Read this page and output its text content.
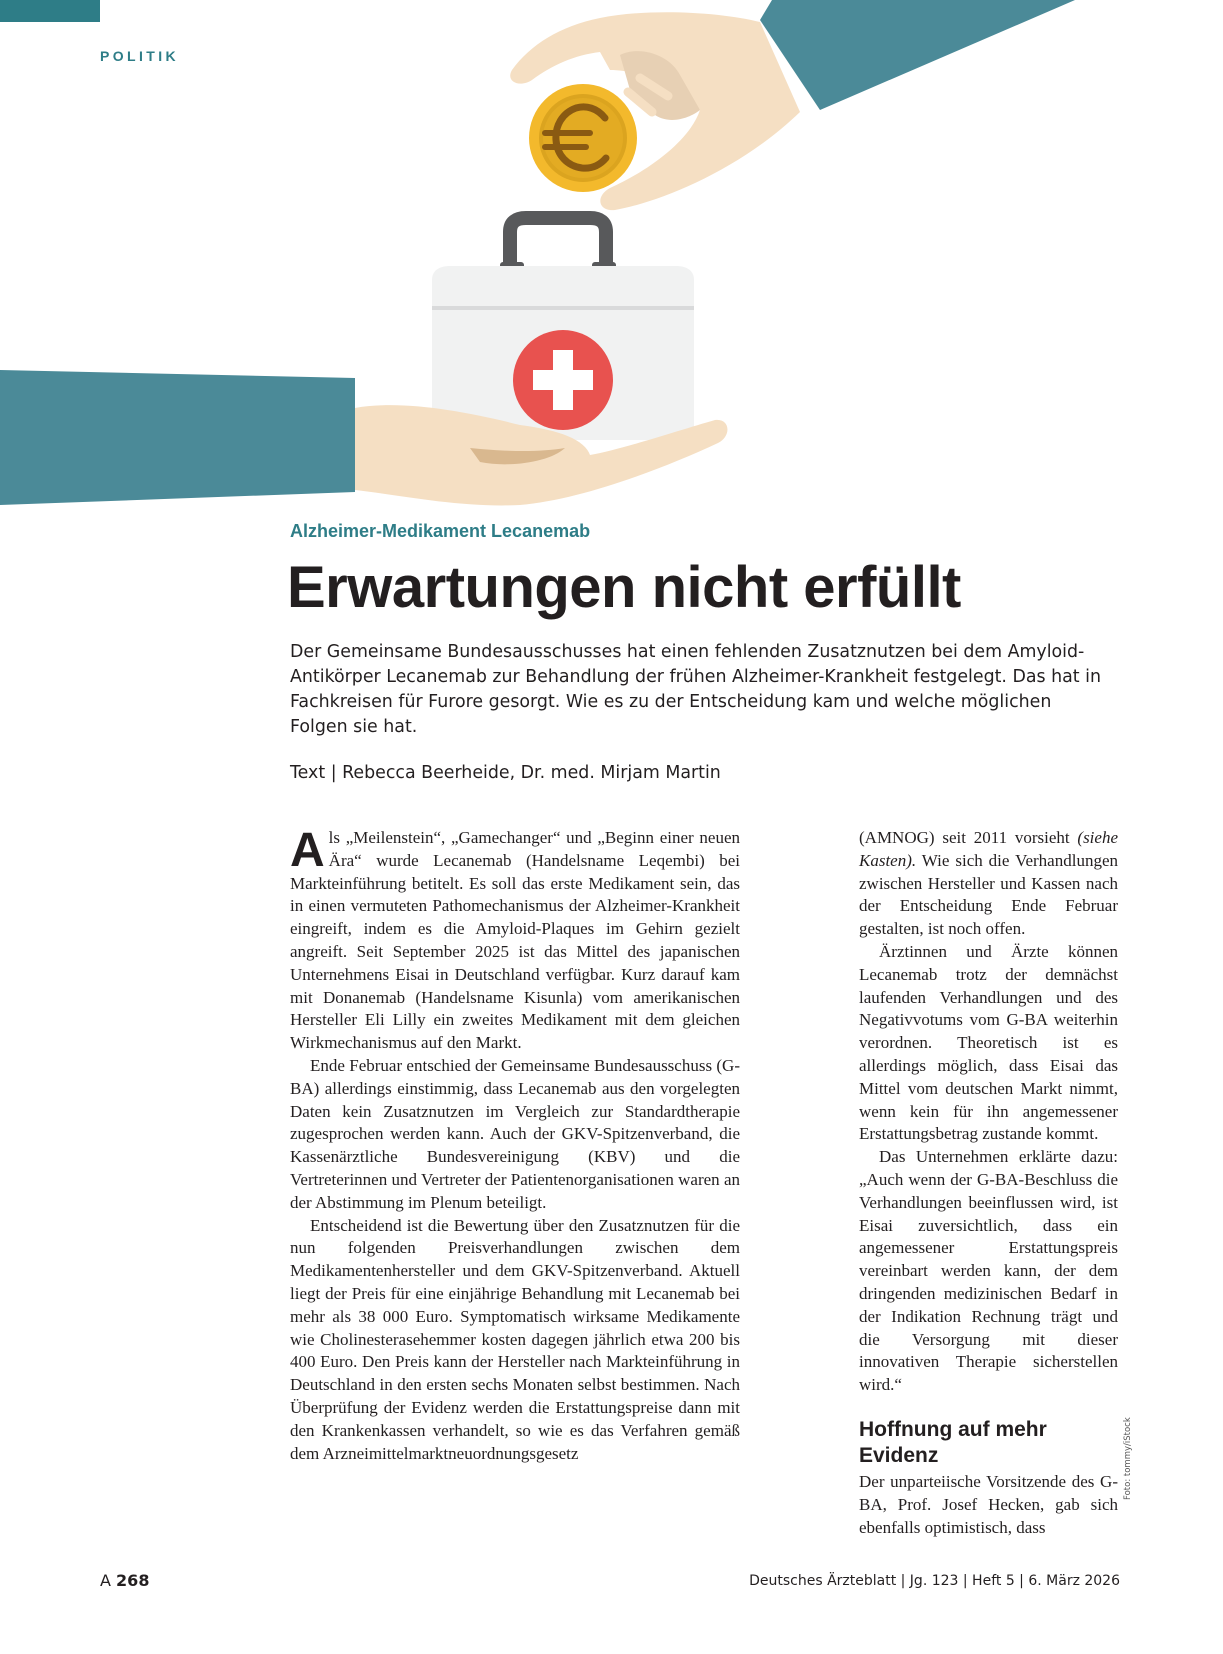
POLITIK
Alzheimer-Medikament Lecanemab
Erwartungen nicht erfüllt

Der Gemeinsame Bundesausschusses hat einen fehlenden Zusatznutzen bei dem Amyloid-Antikörper Lecanemab zur Behandlung der frühen Alzheimer-Krankheit festgelegt. Das hat in Fachkreisen für Furore gesorgt. Wie es zu der Entscheidung kam und welche möglichen Folgen sie hat.

Text | Rebecca Beerheide, Dr. med. Mirjam Martin

Als „Meilenstein“, „Gamechanger“ und „Beginn einer neuen Ära“ wurde Lecanemab (Handelsname Leqembi) bei Markteinführung betitelt. Es soll das erste Medikament sein, das in einen vermuteten Pathomechanismus der Alzheimer-Krankheit eingreift, indem es die Amyloid-Plaques im Gehirn gezielt angreift. Seit September 2025 ist das Mittel des japanischen Unternehmens Eisai in Deutschland verfügbar. Kurz darauf kam mit Donanemab (Handelsname Kisunla) vom amerikanischen Hersteller Eli Lilly ein zweites Medikament mit dem gleichen Wirkmechanismus auf den Markt.

Ende Februar entschied der Gemeinsame Bundesausschuss (G-BA) allerdings einstimmig, dass Lecanemab aus den vorgelegten Daten kein Zusatznutzen im Vergleich zur Standardtherapie zugesprochen werden kann. Auch der GKV-Spitzenverband, die Kassenärztliche Bundesvereinigung (KBV) und die Vertreterinnen und Vertreter der Patientenorganisationen waren an der Abstimmung im Plenum beteiligt.

Entscheidend ist die Bewertung über den Zusatznutzen für die nun folgenden Preisverhandlungen zwischen dem Medikamentenhersteller und dem GKV-Spitzenverband. Aktuell liegt der Preis für eine einjährige Behandlung mit Lecanemab bei mehr als 38 000 Euro. Symptomatisch wirksame Medikamente wie Cholinesterasehemmer kosten dagegen jährlich etwa 200 bis 400 Euro. Den Preis kann der Hersteller nach Markteinführung in Deutschland in den ersten sechs Monaten selbst bestimmen. Nach Überprüfung der Evidenz werden die Erstattungspreise dann mit den Krankenkassen verhandelt, so wie es das Verfahren gemäß dem Arzneimittelmarktneuordnungsgesetz

(AMNOG) seit 2011 vorsieht (siehe Kasten). Wie sich die Verhandlungen zwischen Hersteller und Kassen nach der Entscheidung Ende Februar gestalten, ist noch offen.

Ärztinnen und Ärzte können Lecanemab trotz der demnächst laufenden Verhandlungen und des Negativvotums vom G-BA weiterhin verordnen. Theoretisch ist es allerdings möglich, dass Eisai das Mittel vom deutschen Markt nimmt, wenn kein für ihn angemessener Erstattungsbetrag zustande kommt.

Das Unternehmen erklärte dazu: „Auch wenn der G-BA-Beschluss die Verhandlungen beeinflussen wird, ist Eisai zuversichtlich, dass ein angemessener Erstattungspreis vereinbart werden kann, der dem dringenden medizinischen Bedarf in der Indikation Rechnung trägt und die Versorgung mit dieser innovativen Therapie sicherstellen wird.“

Hoffnung auf mehr Evidenz

Der unparteiische Vorsitzende des G-BA, Prof. Josef Hecken, gab sich ebenfalls optimistisch, dass

Foto: tommy/iStock
A 268	Deutsches Ärzteblatt | Jg. 123 | Heft 5 | 6. März 2026
